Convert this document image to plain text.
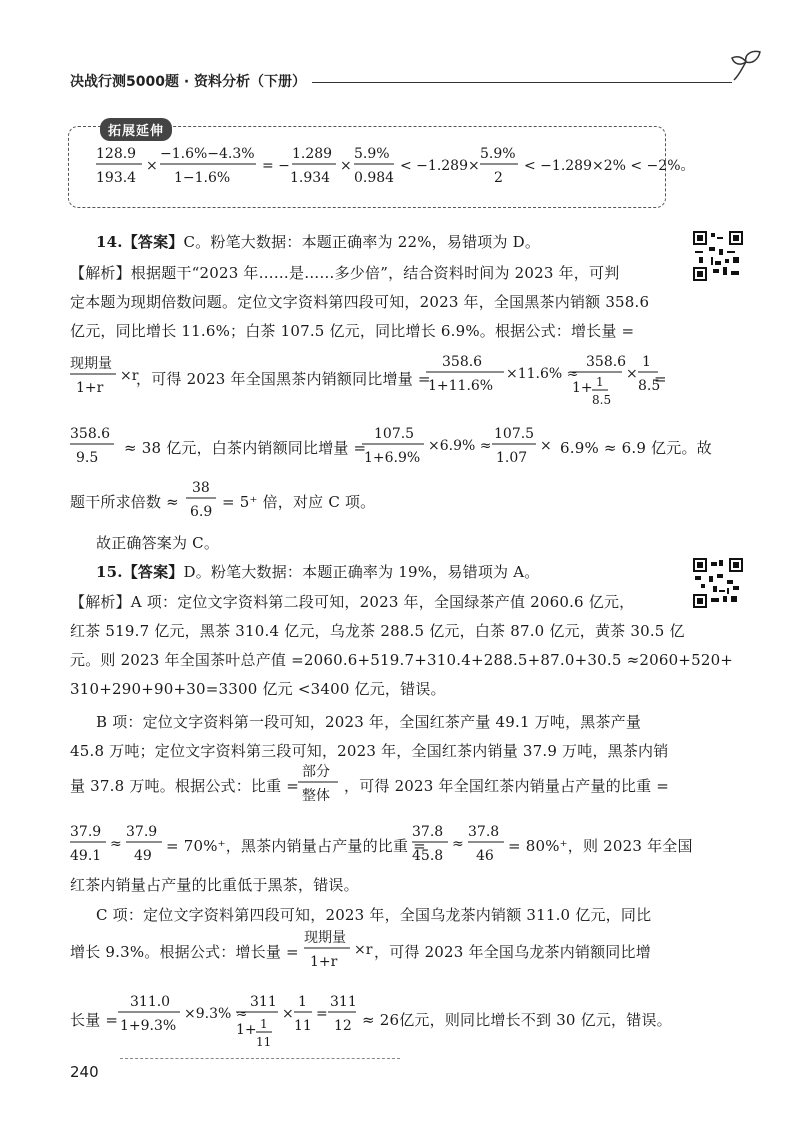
决战行测5000题 · 资料分析（下册）
拓展延伸
128.9
193.4
×
−1.6%−4.3%
1−1.6%
= −
1.289
1.934
×
5.9%
0.984
< −1.289×
5.9%
2
< −1.289×2% < −2%。
14.【答案】C。粉笔大数据：本题正确率为 22%，易错项为 D。
【解析】根据题干“2023 年……是……多少倍”，结合资料时间为 2023 年，可判
定本题为现期倍数问题。定位文字资料第四段可知，2023 年，全国黑茶内销额 358.6
亿元，同比增长 11.6%；白茶 107.5 亿元，同比增长 6.9%。根据公式：增长量 =
现期量
1+r
×r
，可得 2023 年全国黑茶内销额同比增量 =
358.6
1+11.6%
×11.6% ≈
358.6
1+ 1
8.5
×
1
8.5
=
358.6
9.5
≈ 38 亿元，白茶内销额同比增量 =
107.5
1+6.9%
×6.9% ≈
107.5
1.07
× 6.9% ≈ 6.9 亿元。故
题干所求倍数 ≈
38
6.9
= 5⁺ 倍，对应 C 项。
故正确答案为 C。
15.【答案】D。粉笔大数据：本题正确率为 19%，易错项为 A。
【解析】A 项：定位文字资料第二段可知，2023 年，全国绿茶产值 2060.6 亿元，
红茶 519.7 亿元，黑茶 310.4 亿元，乌龙茶 288.5 亿元，白茶 87.0 亿元，黄茶 30.5 亿
元。则 2023 年全国茶叶总产值 =2060.6+519.7+310.4+288.5+87.0+30.5 ≈2060+520+
310+290+90+30=3300 亿元 <3400 亿元，错误。
B 项：定位文字资料第一段可知，2023 年，全国红茶产量 49.1 万吨，黑茶产量
45.8 万吨；定位文字资料第三段可知，2023 年，全国红茶内销量 37.9 万吨，黑茶内销
量 37.8 万吨。根据公式：比重 =
部分
整体
，可得 2023 年全国红茶内销量占产量的比重 =
37.9
49.1
≈
37.9
49
= 70%⁺，黑茶内销量占产量的比重 =
37.8
45.8
≈
37.8
46
= 80%⁺，则 2023 年全国
红茶内销量占产量的比重低于黑茶，错误。
C 项：定位文字资料第四段可知，2023 年，全国乌龙茶内销额 311.0 亿元，同比
增长 9.3%。根据公式：增长量 =
现期量
1+r
×r ，可得 2023 年全国乌龙茶内销额同比增
长量 =
311.0
1+9.3%
×9.3% ≈
311
1+ 1
11
×
1
11
=
311
12 ≈ 26亿元，则同比增长不到 30 亿元，错误。
240
